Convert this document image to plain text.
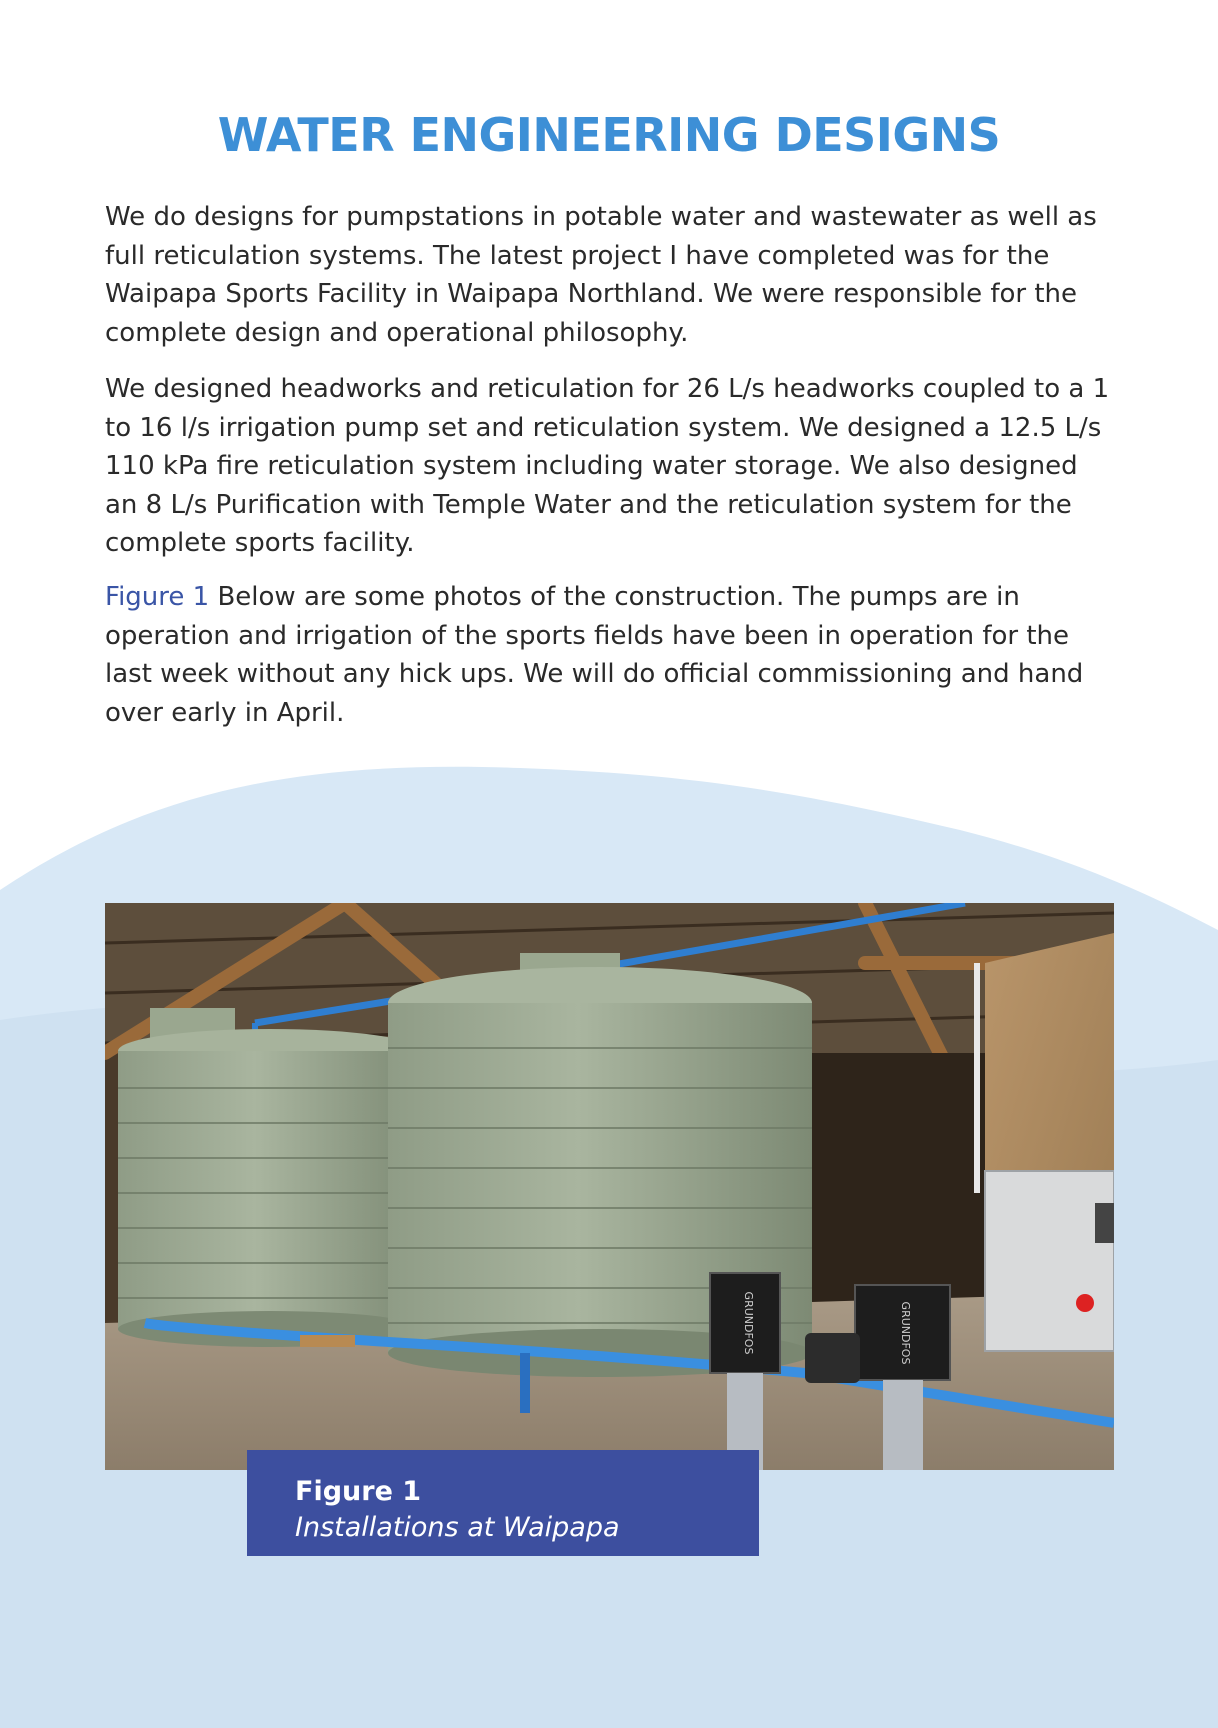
WATER ENGINEERING DESIGNS

We do designs for pumpstations in potable water and wastewater as well as full reticulation systems. The latest project I have completed was for the Waipapa Sports Facility in Waipapa Northland. We were responsible for the complete design and operational philosophy.

We designed headworks and reticulation for 26 L/s headworks coupled to a 1 to 16 l/s irrigation pump set and reticulation system. We designed a 12.5 L/s 110 kPa fire reticulation system including water storage. We also designed an 8 L/s Purification with Temple Water and the reticulation system for the complete sports facility.

Figure 1 Below are some photos of the construction. The pumps are in operation and irrigation of the sports fields have been in operation for the last week without any hick ups. We will do official commissioning and hand over early in April.

GRUNDFOS	GRUNDFOS
Figure 1
Installations at Waipapa
